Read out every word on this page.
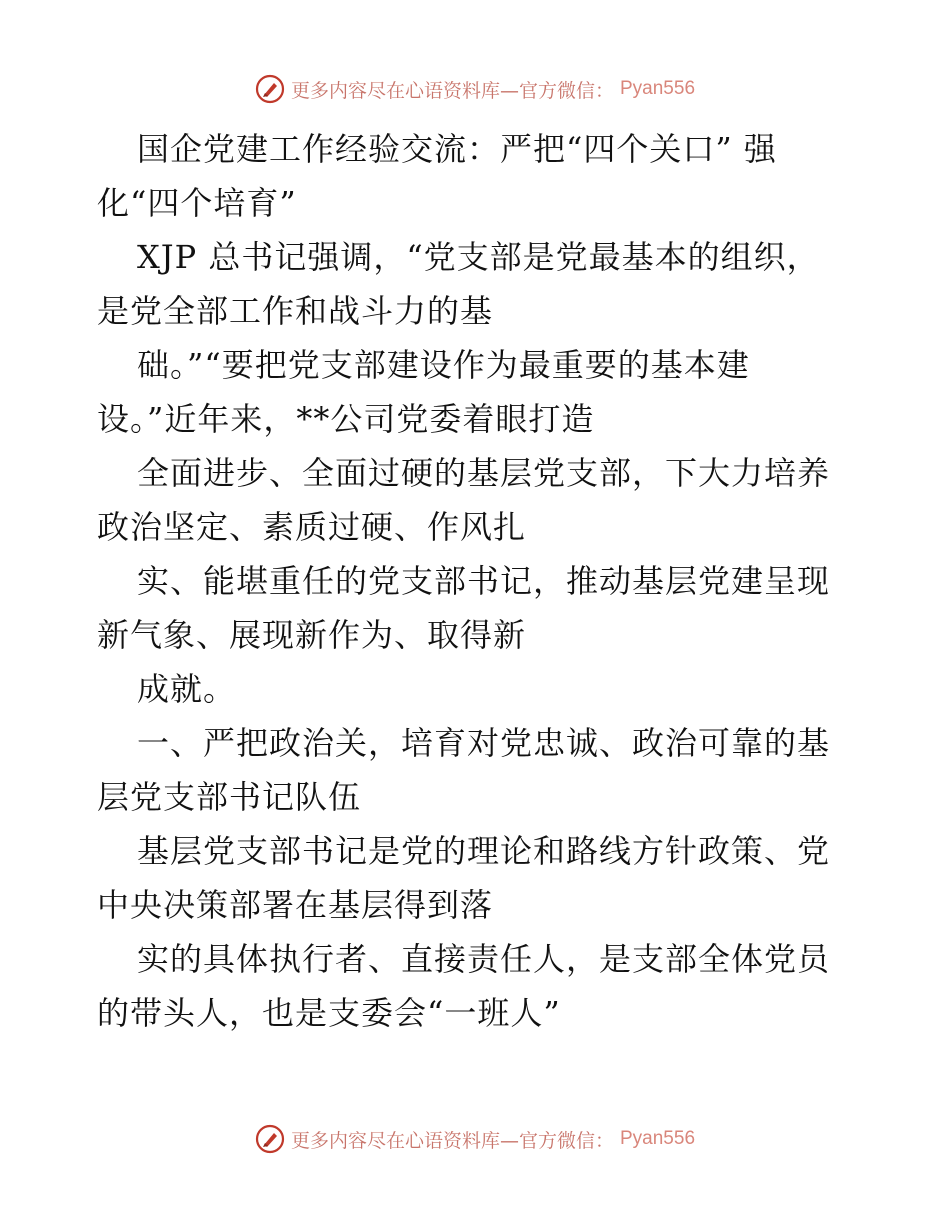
更多内容尽在心语资料库—官方微信： Pyan556

国企党建工作经验交流：严把“四个关口” 强

化“四个培育”

XJP 总书记强调，“党支部是党最基本的组织，

是党全部工作和战斗力的基

础。”“要把党支部建设作为最重要的基本建

设。”近年来，**公司党委着眼打造

全面进步、全面过硬的基层党支部，下大力培养

政治坚定、素质过硬、作风扎

实、能堪重任的党支部书记，推动基层党建呈现

新气象、展现新作为、取得新

成就。

一、严把政治关，培育对党忠诚、政治可靠的基

层党支部书记队伍

基层党支部书记是党的理论和路线方针政策、党

中央决策部署在基层得到落

实的具体执行者、直接责任人，是支部全体党员

的带头人，也是支委会“一班人”

更多内容尽在心语资料库—官方微信： Pyan556
